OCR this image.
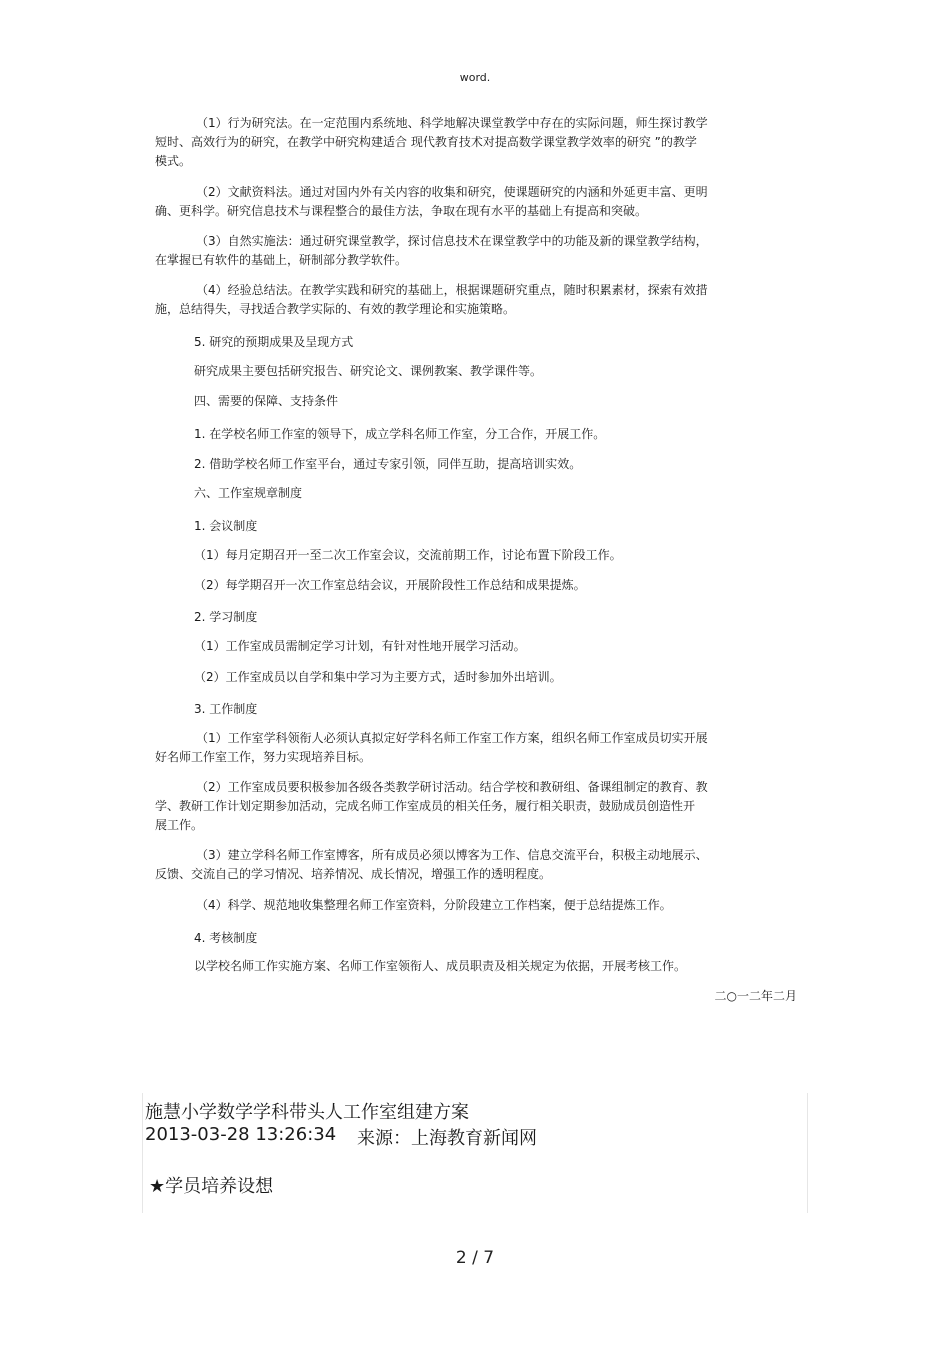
word.
（1）行为研究法。在一定范围内系统地、科学地解决课堂教学中存在的实际问题，师生探讨教学
短时、高效行为的研究，在教学中研究构建适合 现代教育技术对提高数学课堂教学效率的研究 ”的教学
模式。
（2）文献资料法。通过对国内外有关内容的收集和研究，使课题研究的内涵和外延更丰富、更明
确、更科学。研究信息技术与课程整合的最佳方法，争取在现有水平的基础上有提高和突破。
（3）自然实施法：通过研究课堂教学，探讨信息技术在课堂教学中的功能及新的课堂教学结构，
在掌握已有软件的基础上，研制部分教学软件。
（4）经验总结法。在教学实践和研究的基础上，根据课题研究重点，随时积累素材，探索有效措
施，总结得失，寻找适合教学实际的、有效的教学理论和实施策略。
5. 研究的预期成果及呈现方式
研究成果主要包括研究报告、研究论文、课例教案、教学课件等。
四、需要的保障、支持条件
1. 在学校名师工作室的领导下，成立学科名师工作室，分工合作，开展工作。
2. 借助学校名师工作室平台，通过专家引领，同伴互助，提高培训实效。
六、工作室规章制度
1. 会议制度
（1）每月定期召开一至二次工作室会议，交流前期工作，讨论布置下阶段工作。
（2）每学期召开一次工作室总结会议，开展阶段性工作总结和成果提炼。
2. 学习制度
（1）工作室成员需制定学习计划，有针对性地开展学习活动。
（2）工作室成员以自学和集中学习为主要方式，适时参加外出培训。
3. 工作制度
（1）工作室学科领衔人必须认真拟定好学科名师工作室工作方案，组织名师工作室成员切实开展
好名师工作室工作，努力实现培养目标。
（2）工作室成员要积极参加各级各类教学研讨活动。结合学校和教研组、备课组制定的教育、教
学、教研工作计划定期参加活动，完成名师工作室成员的相关任务，履行相关职责，鼓励成员创造性开
展工作。
（3）建立学科名师工作室博客，所有成员必须以博客为工作、信息交流平台，积极主动地展示、
反馈、交流自己的学习情况、培养情况、成长情况，增强工作的透明程度。
（4）科学、规范地收集整理名师工作室资料，分阶段建立工作档案，便于总结提炼工作。
4. 考核制度
以学校名师工作实施方案、名师工作室领衔人、成员职责及相关规定为依据，开展考核工作。
二○一二年二月
施慧小学数学学科带头人工作室组建方案
2013-03-28 13:26:34 来源：上海教育新闻网
★学员培养设想
2 / 7
